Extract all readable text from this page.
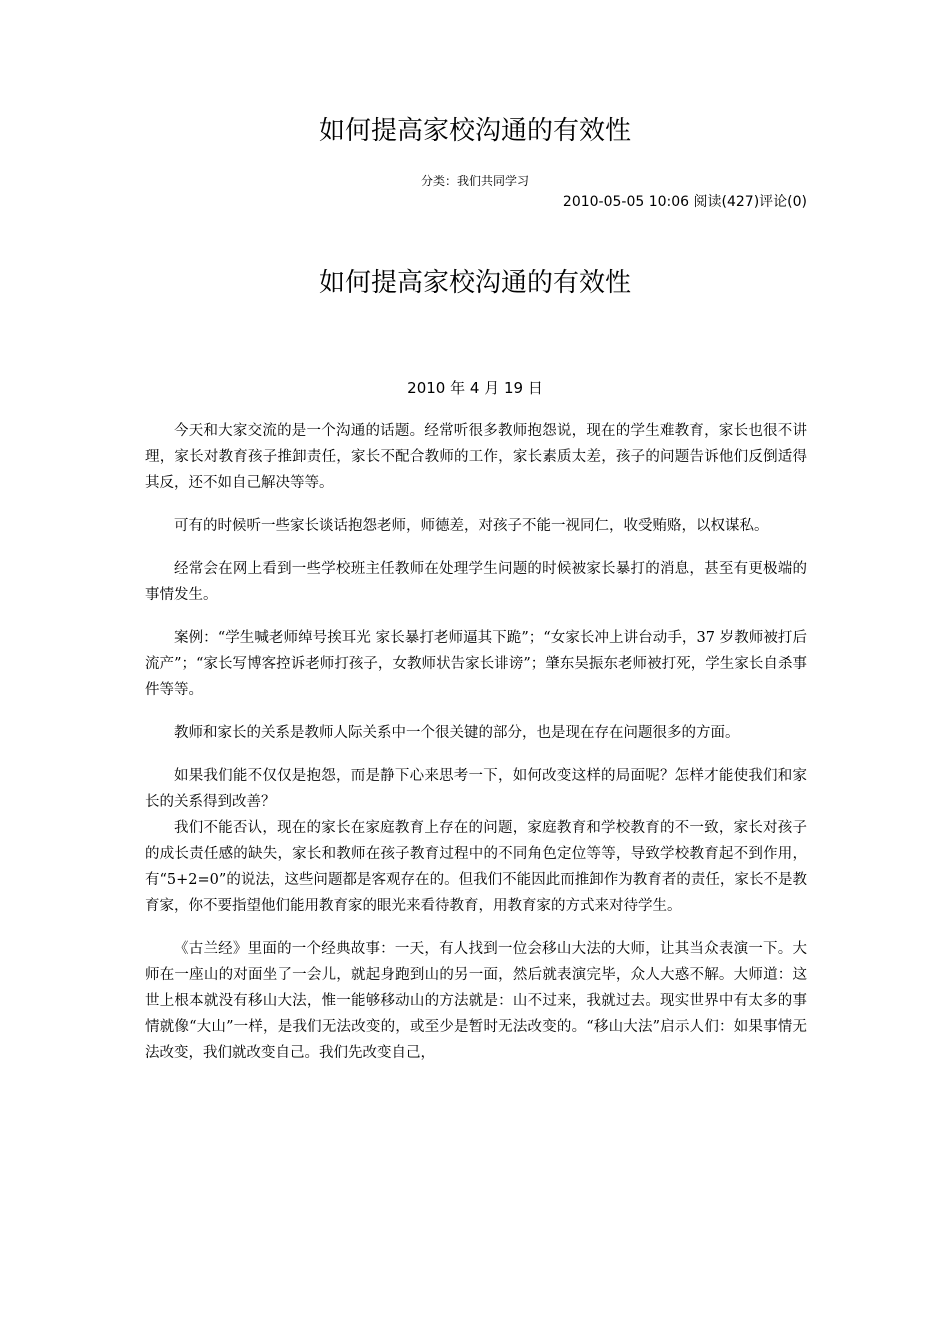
如何提高家校沟通的有效性
分类：我们共同学习
2010-05-05 10:06 阅读(427)评论(0)
如何提高家校沟通的有效性
2010 年 4 月 19 日

今天和大家交流的是一个沟通的话题。经常听很多教师抱怨说，现在的学生难教育，家长也很不讲理，家长对教育孩子推卸责任，家长不配合教师的工作，家长素质太差，孩子的问题告诉他们反倒适得其反，还不如自己解决等等。

可有的时候听一些家长谈话抱怨老师，师德差，对孩子不能一视同仁，收受贿赂，以权谋私。

经常会在网上看到一些学校班主任教师在处理学生问题的时候被家长暴打的消息，甚至有更极端的事情发生。

案例：“学生喊老师绰号挨耳光 家长暴打老师逼其下跪”；“女家长冲上讲台动手，37 岁教师被打后流产”；“家长写博客控诉老师打孩子，女教师状告家长诽谤”；肇东吴振东老师被打死，学生家长自杀事件等等。

教师和家长的关系是教师人际关系中一个很关键的部分，也是现在存在问题很多的方面。

如果我们能不仅仅是抱怨，而是静下心来思考一下，如何改变这样的局面呢？怎样才能使我们和家长的关系得到改善？

我们不能否认，现在的家长在家庭教育上存在的问题，家庭教育和学校教育的不一致，家长对孩子的成长责任感的缺失，家长和教师在孩子教育过程中的不同角色定位等等，导致学校教育起不到作用，有“5+2=0”的说法，这些问题都是客观存在的。但我们不能因此而推卸作为教育者的责任，家长不是教育家，你不要指望他们能用教育家的眼光来看待教育，用教育家的方式来对待学生。

《古兰经》里面的一个经典故事：一天，有人找到一位会移山大法的大师，让其当众表演一下。大师在一座山的对面坐了一会儿，就起身跑到山的另一面，然后就表演完毕，众人大惑不解。大师道：这世上根本就没有移山大法，惟一能够移动山的方法就是：山不过来，我就过去。现实世界中有太多的事情就像“大山”一样，是我们无法改变的，或至少是暂时无法改变的。“移山大法”启示人们：如果事情无法改变，我们就改变自己。我们先改变自己，
